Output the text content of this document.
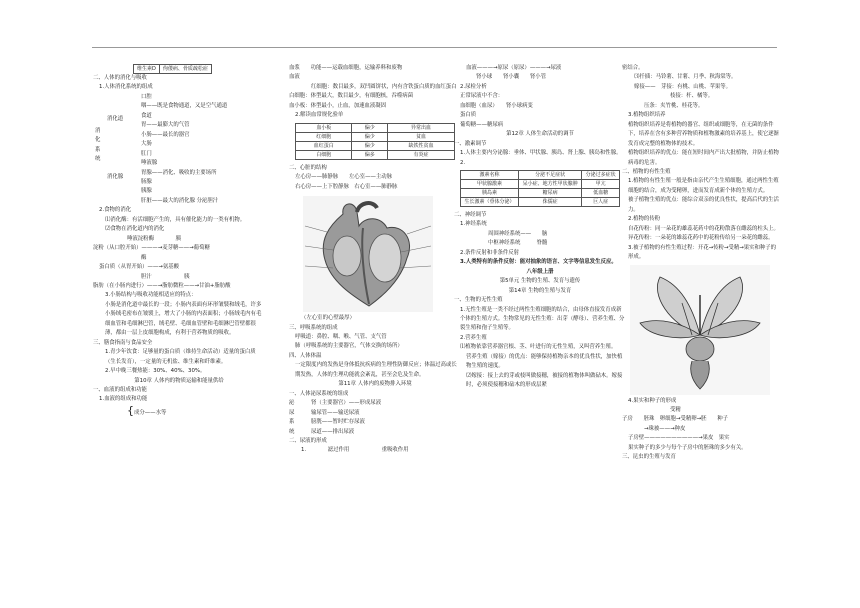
维生素D	佝偻病、骨质疏松症
二、人体的消化与吸收
1.人体消化系统的组成
消
化
系
统
消化道
消化腺
口腔
咽——既是食物通道，又是空气通道
食道
胃——最膨大的气管
小肠——最长的器官
大肠
肛门
唾液腺
胃腺——消化、吸收的主要场所
肠腺
胰腺
肝脏——最大的消化腺 分泌胆汁
2.食物的消化
⑴消化酶：有活细胞产生的，具有催化能力的一类有机物。
⑵食物在消化道内的消化
唾液淀粉酶　　　　胰
淀粉（从口腔开始）———→麦芽糖——→葡萄糖
酶
蛋白质（从胃开始）——→氨基酸
胆汁　　　　　　胰
脂肪（在小肠内进行）——→脂肪微粒——→甘油+脂肪酸
3.小肠结构与吸收功能相适应的特点：
小肠是消化道中最长的一段；小肠内表面有环形皱襞和绒毛，许多小肠绒毛密布在皱襞上，增大了小肠的内表面积；小肠绒毛内有毛细血管和毛细淋巴管，绒毛壁、毛细血管壁和毛细淋巴管壁都很薄，都由一层上皮细胞构成，有利于营养物质的吸收。
三、膳食指南与食品安全
1.青少年饮食：足够量的蛋白质（维持生命活动）适量的蛋白质（生长发育），一定量的无机盐、维生素和纤维素。
2.早中晚三餐热能：30%、40%、30%。
第10章 人体内的物质运输和能量供给
一、血液的组成和功能
1.血液的组成和功能
{成分——水等
血浆　　功能——运载血细胞，运输养料和废物
血液
红细胞：数目最多，双凹圆饼状，内有含铁蛋白质的血红蛋白
白细胞：体型最大，数目最少，有细胞核，吞噬病菌
血小板：体型最小，止血，加速血液凝固
2.解读血常规化验单
血小板	偏少	异常出血
红细胞	偏少	贫血
血红蛋白	偏少	缺铁性贫血
白细胞	偏多	有炎症
二、心脏的结构
左心房——肺静脉　　左心室——主动脉
右心房——上下腔静脉　右心室——肺静脉
（左心室的心壁最厚）
三、呼吸系统的组成
呼吸道：鼻腔、咽、喉、气管、支气管
肺（呼吸系统的主要器官，气体交换的场所）
四、人体体温
一定限度内的发热是身体抵抗疾病的生理性防御反应；体温过高或长期发热，人体的生理功能就会紊乱，甚至会危及生命。
第11章 人体内的废物排入环境
一、人体泌尿系统的组成
泌
尿
系
统
肾（主要器官）——形成尿液
输尿管——输送尿液
膀胱——暂时贮存尿液
尿道——排出尿液
二、尿液的形成
1.　　　　滤过作用　　　　　　重吸收作用
血液———→原尿（原尿）———→尿液
肾小球　　肾小囊　　肾小管
2.尿检分析
正常尿液中不含：
血细胞（血尿）　　肾小球病变
蛋白质
葡萄糖——糖尿病
第12章 人体生命活动的调节
一、激素调节
1.人体主要内分泌腺：垂体、甲状腺、胰岛、肾上腺、胰岛和性腺。
2.
激素名称	分泌不足症状	分泌过多症状
甲状腺激素	呆小症、地方性甲状腺肿	甲亢
胰岛素	糖尿病	低血糖
生长激素（垂体分泌）	侏儒症	巨人症
二、神经调节
1.神经系统
周围神经系统——　　脑
中枢神经系统　　　脊髓
2.条件反射和非条件反射
3.人类特有的条件反射：能对抽象的语言、文字等信息发生反应。
八年级上册
第5单元 生物的生殖、发育与遗传
第14章 生物的生殖与发育
一、生物的无性生殖
1.无性生殖是一类不经过两性生殖细胞的结合，由母体直接发育成新个体的生殖方式。生物常见的无性生殖：出芽（酵母）、营养生殖、分裂生殖和孢子生殖等。
2.营养生殖
⑴植物依靠营养器官根、茎、叶进行的无性生殖，又叫营养生殖。
营养生殖（嫁接）的优点：能够保持植物亲本的优良性状，加快植物生殖的速度。
⑵嫁接：接上去的芽或枝叫做接穗，被接的植物体叫做砧木。嫁接时，必须使接穗和砧木的形成层紧
密结合。
⑶扦插：马铃薯、甘薯、月季、秋海棠等。
嫁接——　芽接：有桃、山桃、苹果等。
枝接：杆、橘等。
压条：夹竹桃、桂花等。
3.植物组织培养
植物组织培养是将植物的器官、组织或细胞等，在无菌的条件下，培养在含有多种营养物质和植物激素的培养基上，使它逐渐发育成完整的植物体的技术。
植物组织培养的优点：能在短时间内产出大批植物，并防止植物病毒的危害。
二、植物的有性生殖
1.植物的有性生殖一般是指由亲代产生生殖细胞，通过两性生殖细胞的结合，成为受精卵，进而发育成新个体的生殖方式。
被子植物生殖的优点：能综合双亲的优良性状，提高后代的生活力。
2.植物的传粉
自花传粉：同一朵花的雄蕊花药中的花粉散落在雌蕊的柱头上。
异花传粉：一朵花的雄蕊花药中的花粉传给另一朵花的雌蕊。
3.被子植物的有性生殖过程：开花→传粉→受精→果实和种子的形成。
4.果实和种子的形成
受精
子房　　胚珠　卵细胞→受精卵→胚　　种子
→珠被——→种皮
子房壁——————————→果皮　果实
果实种子的多少与每个子房中的胚珠的多少有关。
三、昆虫的生殖与发育
